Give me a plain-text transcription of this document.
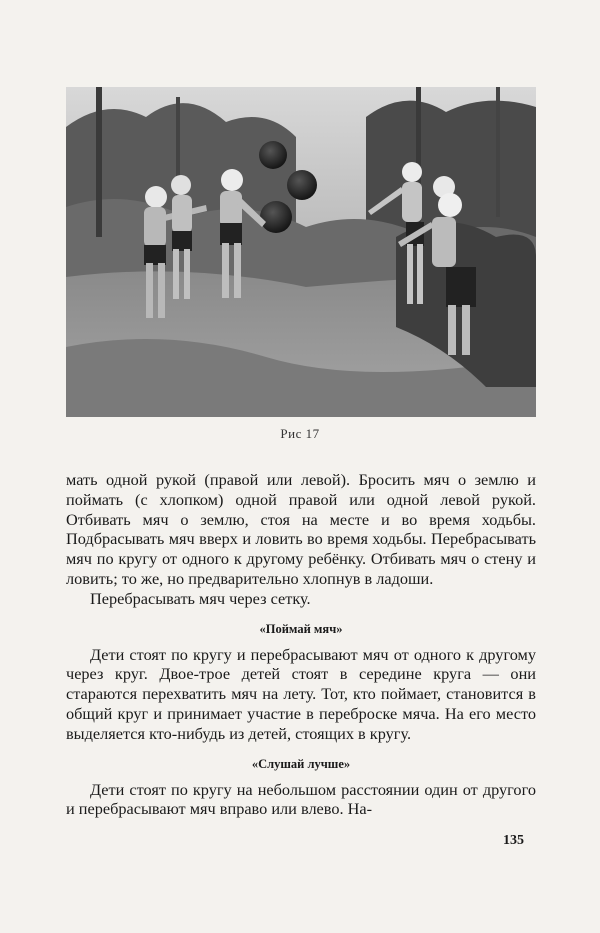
Рис 17

мать одной рукой (правой или левой). Бросить мяч о землю и поймать (с хлопком) одной правой или одной левой рукой. Отбивать мяч о землю, стоя на месте и во время ходьбы. Подбрасывать мяч вверх и ловить во время ходьбы. Перебрасывать мяч по кругу от одного к другому ребёнку. Отбивать мяч о стену и ловить; то же, но предварительно хлопнув в ладоши.

Перебрасывать мяч через сетку.

«Поймай мяч»

Дети стоят по кругу и перебрасывают мяч от одного к другому через круг. Двое-трое детей стоят в середине круга — они стараются перехватить мяч на лету. Тот, кто поймает, становится в общий круг и принимает участие в переброске мяча. На его место выделяется кто-нибудь из детей, стоящих в кругу.

«Слушай лучше»

Дети стоят по кругу на небольшом расстоянии один от другого и перебрасывают мяч вправо или влево. На-

135
